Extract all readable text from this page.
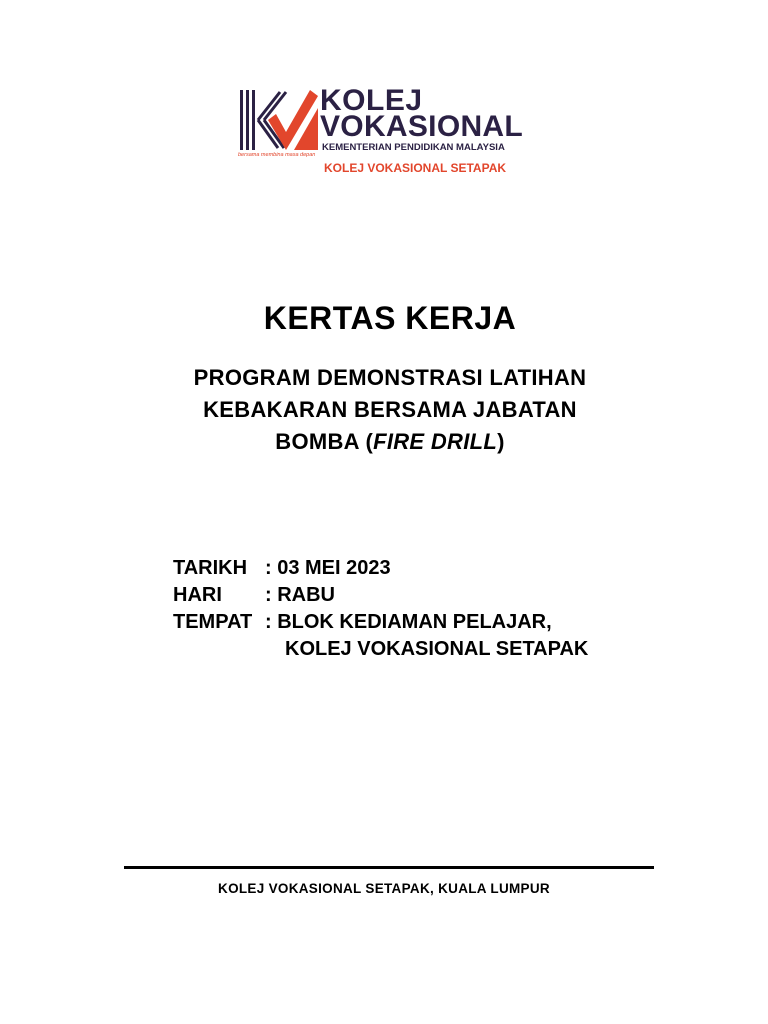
KOLEJ
VOKASIONAL
KEMENTERIAN PENDIDIKAN MALAYSIA
KOLEJ VOKASIONAL SETAPAK
bersama membina masa depan
KERTAS KERJA
PROGRAM DEMONSTRASI LATIHAN
KEBAKARAN BERSAMA JABATAN
BOMBA (FIRE DRILL)
TARIKH : 03 MEI 2023
HARI : RABU
TEMPAT : BLOK KEDIAMAN PELAJAR,
KOLEJ VOKASIONAL SETAPAK
KOLEJ VOKASIONAL SETAPAK, KUALA LUMPUR
